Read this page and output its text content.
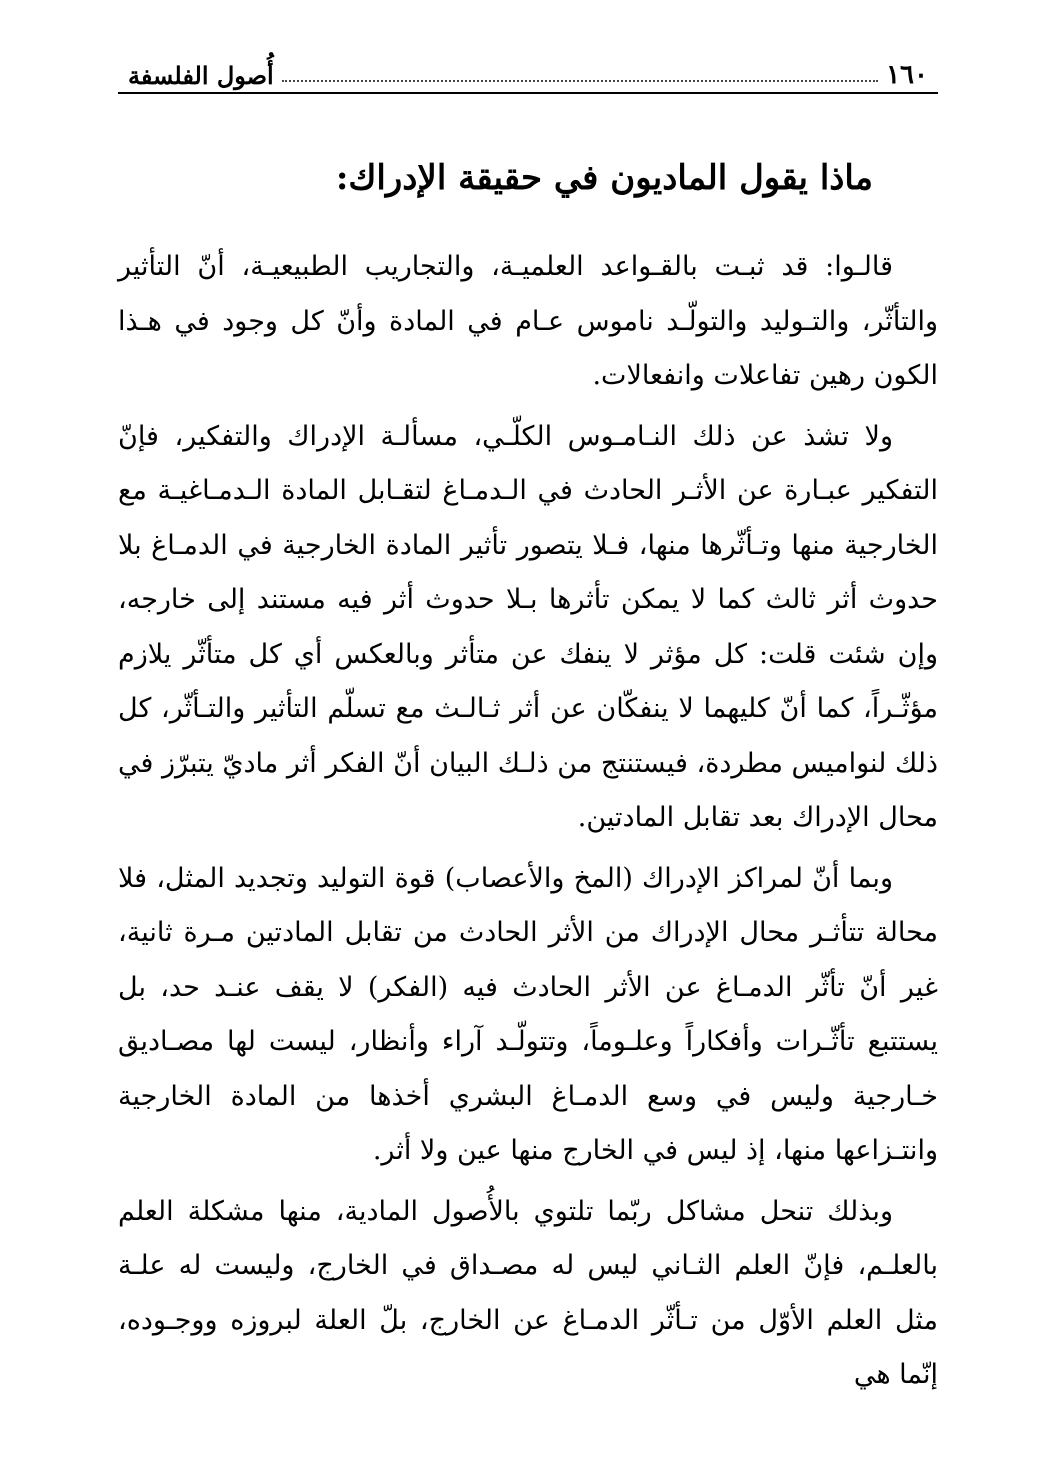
١٦٠
أُصول الفلسفة
ماذا يقول الماديون في حقيقة الإدراك:

قالـوا: قد ثبـت بالقـواعد العلميـة، والتجاريب الطبيعيـة، أنّ التأثير والتأثّر، والتـوليد والتولّـد ناموس عـام في المادة وأنّ كل وجود في هـذا الكون رهين تفاعلات وانفعالات.

ولا تشذ عن ذلك النـامـوس الكلّـي، مسألـة الإدراك والتفكير، فإنّ التفكير عبـارة عن الأثـر الحادث في الـدمـاغ لتقـابل المادة الـدمـاغيـة مع الخارجية منها وتـأثّرها منها، فـلا يتصور تأثير المادة الخارجية في الدمـاغ بلا حدوث أثر ثالث كما لا يمكن تأثرها بـلا حدوث أثر فيه مستند إلى خارجه، وإن شئت قلت: كل مؤثر لا ينفك عن متأثر وبالعكس أي كل متأثّر يلازم مؤثّـراً، كما أنّ كليهما لا ينفكّان عن أثر ثـالـث مع تسلّم التأثير والتـأثّر، كل ذلك لنواميس مطردة، فيستنتج من ذلـك البيان أنّ الفكر أثر ماديّ يتبرّز في محال الإدراك بعد تقابل المادتين.

وبما أنّ لمراكز الإدراك (المخ والأعصاب) قوة التوليد وتجديد المثل، فلا محالة تتأثـر محال الإدراك من الأثر الحادث من تقابل المادتين مـرة ثانية، غير أنّ تأثّر الدمـاغ عن الأثر الحادث فيه (الفكر) لا يقف عنـد حد، بل يستتبع تأثّـرات وأفكاراً وعلـوماً، وتتولّـد آراء وأنظار، ليست لها مصـاديق خـارجية وليس في وسع الدمـاغ البشري أخذها من المادة الخارجية وانتـزاعها منها، إذ ليس في الخارج منها عين ولا أثر.

وبذلك تنحل مشاكل ربّما تلتوي بالأُصول المادية، منها مشكلة العلم بالعلـم، فإنّ العلم الثـاني ليس له مصـداق في الخارج، وليست له علـة مثل العلم الأوّل من تـأثّر الدمـاغ عن الخارج، بلّ العلة لبروزه ووجـوده، إنّما هي
